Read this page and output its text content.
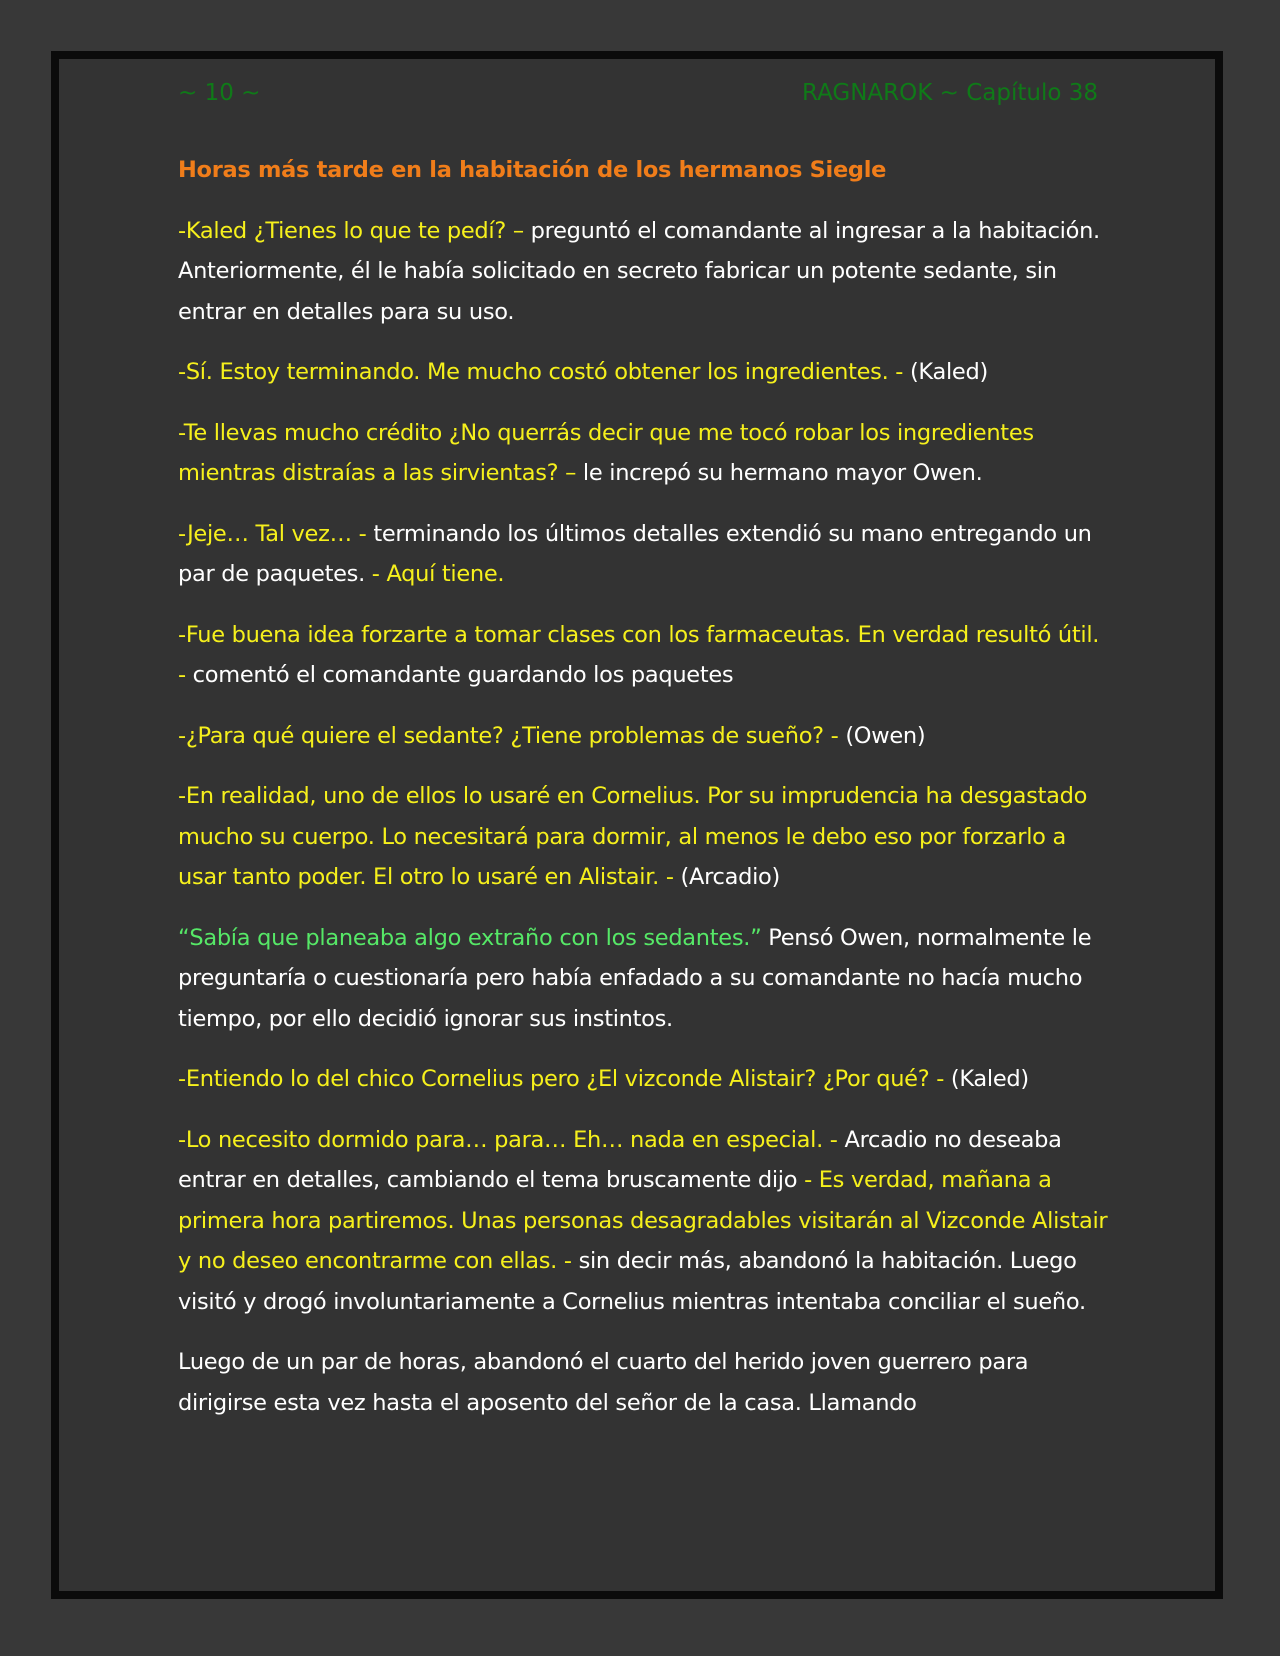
~ 10 ~	RAGNAROK ~ Capítulo 38

Horas más tarde en la habitación de los hermanos Siegle

-Kaled ¿Tienes lo que te pedí? – preguntó el comandante al ingresar a la habitación. Anteriormente, él le había solicitado en secreto fabricar un potente sedante, sin entrar en detalles para su uso.

-Sí. Estoy terminando. Me mucho costó obtener los ingredientes. - (Kaled)

-Te llevas mucho crédito ¿No querrás decir que me tocó robar los ingredientes mientras distraías a las sirvientas? – le increpó su hermano mayor Owen.

-Jeje… Tal vez… - terminando los últimos detalles extendió su mano entregando un par de paquetes. - Aquí tiene.

-Fue buena idea forzarte a tomar clases con los farmaceutas. En verdad resultó útil. - comentó el comandante guardando los paquetes

-¿Para qué quiere el sedante? ¿Tiene problemas de sueño? - (Owen)

-En realidad, uno de ellos lo usaré en Cornelius. Por su imprudencia ha desgastado mucho su cuerpo. Lo necesitará para dormir, al menos le debo eso por forzarlo a usar tanto poder. El otro lo usaré en Alistair. - (Arcadio)

“Sabía que planeaba algo extraño con los sedantes.” Pensó Owen, normalmente le preguntaría o cuestionaría pero había enfadado a su comandante no hacía mucho tiempo, por ello decidió ignorar sus instintos.

-Entiendo lo del chico Cornelius pero ¿El vizconde Alistair? ¿Por qué? - (Kaled)

-Lo necesito dormido para… para… Eh… nada en especial. - Arcadio no deseaba entrar en detalles, cambiando el tema bruscamente dijo - Es verdad, mañana a primera hora partiremos. Unas personas desagradables visitarán al Vizconde Alistair y no deseo encontrarme con ellas. - sin decir más, abandonó la habitación. Luego visitó y drogó involuntariamente a Cornelius mientras intentaba conciliar el sueño.

Luego de un par de horas, abandonó el cuarto del herido joven guerrero para dirigirse esta vez hasta el aposento del señor de la casa. Llamando
